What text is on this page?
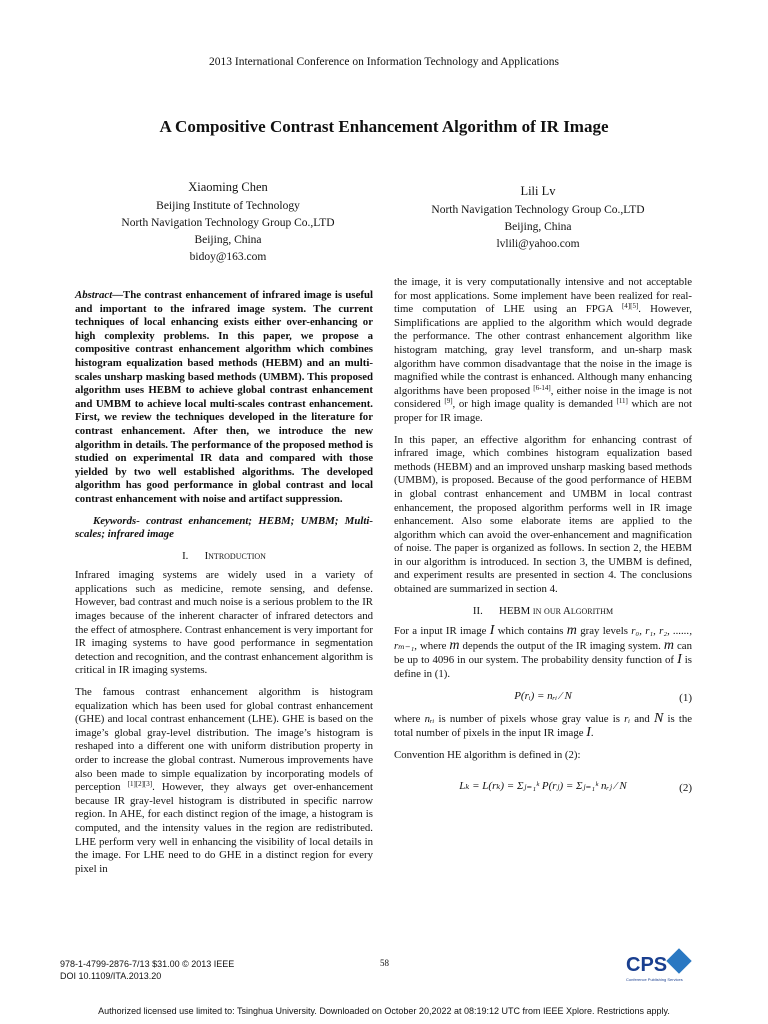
2013 International Conference on Information Technology and Applications
A Compositive Contrast Enhancement Algorithm of IR Image
Xiaoming Chen
Beijing Institute of Technology
North Navigation Technology Group Co.,LTD
Beijing, China
bidoy@163.com
Lili Lv
North Navigation Technology Group Co.,LTD
Beijing, China
lvlili@yahoo.com

Abstract—The contrast enhancement of infrared image is useful and important to the infrared image system. The current techniques of local enhancing exists either over-enhancing or high complexity problems. In this paper, we propose a compositive contrast enhancement algorithm which combines histogram equalization based methods (HEBM) and an multi-scales unsharp masking based methods (UMBM). This proposed algorithm uses HEBM to achieve global contrast enhancement and UMBM to achieve local multi-scales contrast enhancement. First, we review the techniques developed in the literature for contrast enhancement. After then, we introduce the new algorithm in details. The performance of the proposed method is studied on experimental IR data and compared with those yielded by two well established algorithms. The developed algorithm has good performance in global contrast and local contrast enhancement with noise and artifact suppression.

Keywords- contrast enhancement; HEBM; UMBM; Multi-scales; infrared image

I. Introduction

Infrared imaging systems are widely used in a variety of applications such as medicine, remote sensing, and defense. However, bad contrast and much noise is a serious problem to the IR images because of the inherent character of infrared detectors and the effect of atmosphere. Contrast enhancement is very important for IR imaging systems to have good performance in segmentation detection and recognition, and the contrast enhancement algorithm is critical in IR imaging systems.

The famous contrast enhancement algorithm is histogram equalization which has been used for global contrast enhancement (GHE) and local contrast enhancement (LHE). GHE is based on the image’s global gray-level distribution. The image’s histogram is reshaped into a different one with uniform distribution property in order to increase the global contrast. Numerous improvements have also been made to simple equalization by incorporating models of perception [1][2][3]. However, they always get over-enhancement because IR gray-level histogram is distributed in specific narrow region. In AHE, for each distinct region of the image, a histogram is computed, and the intensity values in the region are redistributed. LHE perform very well in enhancing the visibility of local details in the image. For LHE need to do GHE in a distinct region for every pixel in

the image, it is very computationally intensive and not acceptable for most applications. Some implement have been realized for real-time computation of LHE using an FPGA [4][5]. However, Simplifications are applied to the algorithm which would degrade the performance. The other contrast enhancement algorithm like histogram matching, gray level transform, and un-sharp mask algorithm have common disadvantage that the noise in the image is magnified while the contrast is enhanced. Although many enhancing algorithms have been proposed [6-14], either noise in the image is not considered [9], or high image quality is demanded [11] which are not proper for IR image.

In this paper, an effective algorithm for enhancing contrast of infrared image, which combines histogram equalization based methods (HEBM) and an improved unsharp masking based methods (UMBM), is proposed. Because of the good performance of HEBM in global contrast enhancement and UMBM in local contrast enhancement, the proposed algorithm performs well in IR image enhancement. Also some elaborate items are applied to the algorithm which can avoid the over-enhancement and magnification of noise. The paper is organized as follows. In section 2, the HEBM in our algorithm is introduced. In section 3, the UMBM is defined, and experiment results are presented in section 4. The conclusions obtained are summarized in section 4.

II. HEBM in our Algorithm

For a input IR image I which contains m gray levels r₀, r₁, r₂, ......, rₘ₋₁, where m depends the output of the IR imaging system. m can be up to 4096 in our system. The probability density function of I is define in (1).

P(rᵢ) = nᵣᵢ ⁄ N	(1)

where nᵣᵢ is number of pixels whose gray value is rᵢ and N is the total number of pixels in the input IR image I.

Convention HE algorithm is defined in (2):

Lₖ = L(rₖ) = Σⱼ₌₁ᵏ P(rⱼ) = Σⱼ₌₁ᵏ nᵣⱼ ⁄ N	(2)
978-1-4799-2876-7/13 $31.00 © 2013 IEEE
DOI 10.1109/ITA.2013.20
58	CPS
Conference Publishing Services
Authorized licensed use limited to: Tsinghua University. Downloaded on October 20,2022 at 08:19:12 UTC from IEEE Xplore. Restrictions apply.
